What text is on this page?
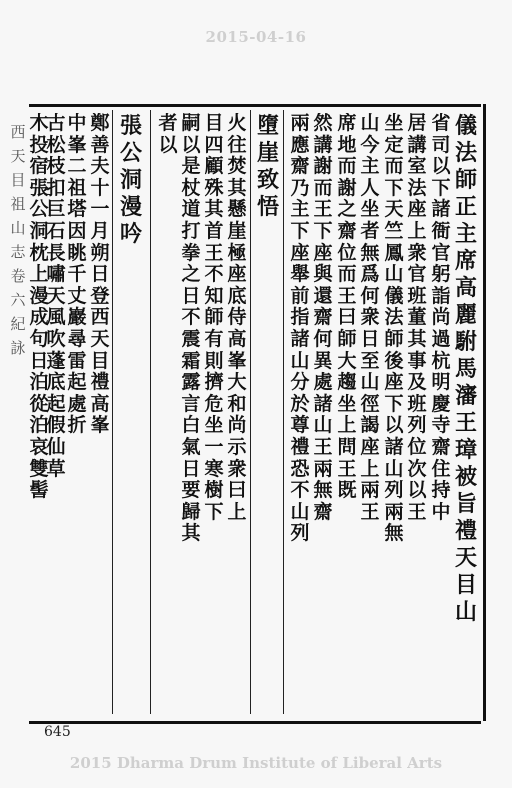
2015-04-16
西天目祖山志卷六紀詠
儀法師正主席高麗駙馬瀋王璋被旨禮天目山
省司以下諸衙官躬詣尚過杭明慶寺齋住持中
居講室法座上衆官班董其事及班列位次以王
坐定而下天竺鳳山儀法師後座下以諸山列兩無
山今主人坐者無爲何衆日至山徑謁座上兩王
席地而謝之齋位而王曰師大趨坐上問王既
然講謝而王下座與還齋何異處諸山王兩無齋
兩應齋乃主下座舉前指諸山分於尊禮恐不山列
墮崖致悟
火往焚其懸崖極座底侍高峯大和尚示衆曰上
目四顧殊其首王不知師有則擠危坐一寒樹下
嗣以是杖道打拳之日不震霜露言白氣日要歸其
者以
張公洞漫吟
鄭善夫十一月朔日登西天目禮高峯
中峯二祖塔因眺千丈巖尋雷起處折
古松枝扣巨石長嘯天風吹蓬底起假仙草
木投宿張公洞枕上漫成句日泊從泊哀雙髻
645
2015 Dharma Drum Institute of Liberal Arts
